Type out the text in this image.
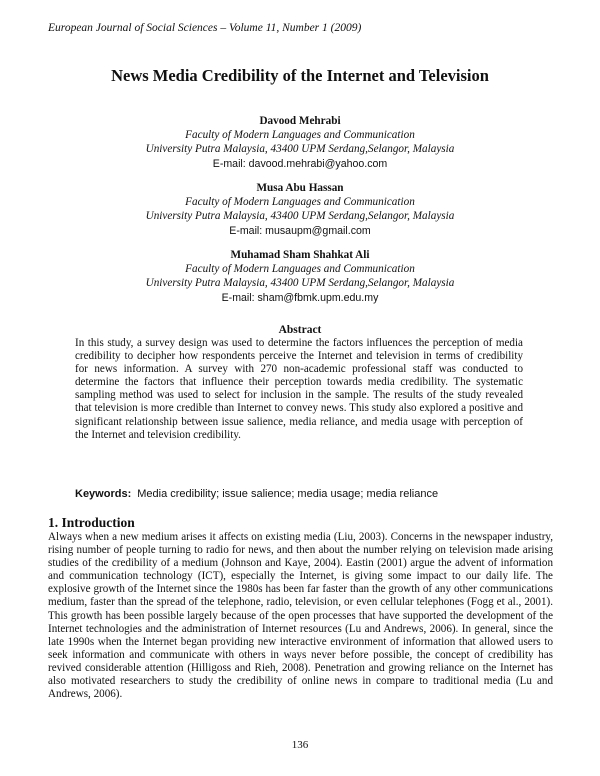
European Journal of Social Sciences – Volume 11, Number 1 (2009)
News Media Credibility of the Internet and Television
Davood Mehrabi
Faculty of Modern Languages and Communication
University Putra Malaysia, 43400 UPM Serdang,Selangor, Malaysia
E-mail: davood.mehrabi@yahoo.com
Musa Abu Hassan
Faculty of Modern Languages and Communication
University Putra Malaysia, 43400 UPM Serdang,Selangor, Malaysia
E-mail: musaupm@gmail.com
Muhamad Sham Shahkat Ali
Faculty of Modern Languages and Communication
University Putra Malaysia, 43400 UPM Serdang,Selangor, Malaysia
E-mail: sham@fbmk.upm.edu.my
Abstract
In this study, a survey design was used to determine the factors influences the perception of media credibility to decipher how respondents perceive the Internet and television in terms of credibility for news information. A survey with 270 non-academic professional staff was conducted to determine the factors that influence their perception towards media credibility. The systematic sampling method was used to select for inclusion in the sample. The results of the study revealed that television is more credible than Internet to convey news. This study also explored a positive and significant relationship between issue salience, media reliance, and media usage with perception of the Internet and television credibility.
Keywords: Media credibility; issue salience; media usage; media reliance
1. Introduction
Always when a new medium arises it affects on existing media (Liu, 2003). Concerns in the newspaper industry, rising number of people turning to radio for news, and then about the number relying on television made arising studies of the credibility of a medium (Johnson and Kaye, 2004). Eastin (2001) argue the advent of information and communication technology (ICT), especially the Internet, is giving some impact to our daily life. The explosive growth of the Internet since the 1980s has been far faster than the growth of any other communications medium, faster than the spread of the telephone, radio, television, or even cellular telephones (Fogg et al., 2001). This growth has been possible largely because of the open processes that have supported the development of the Internet technologies and the administration of Internet resources (Lu and Andrews, 2006). In general, since the late 1990s when the Internet began providing new interactive environment of information that allowed users to seek information and communicate with others in ways never before possible, the concept of credibility has revived considerable attention (Hilligoss and Rieh, 2008). Penetration and growing reliance on the Internet has also motivated researchers to study the credibility of online news in compare to traditional media (Lu and Andrews, 2006).
136
